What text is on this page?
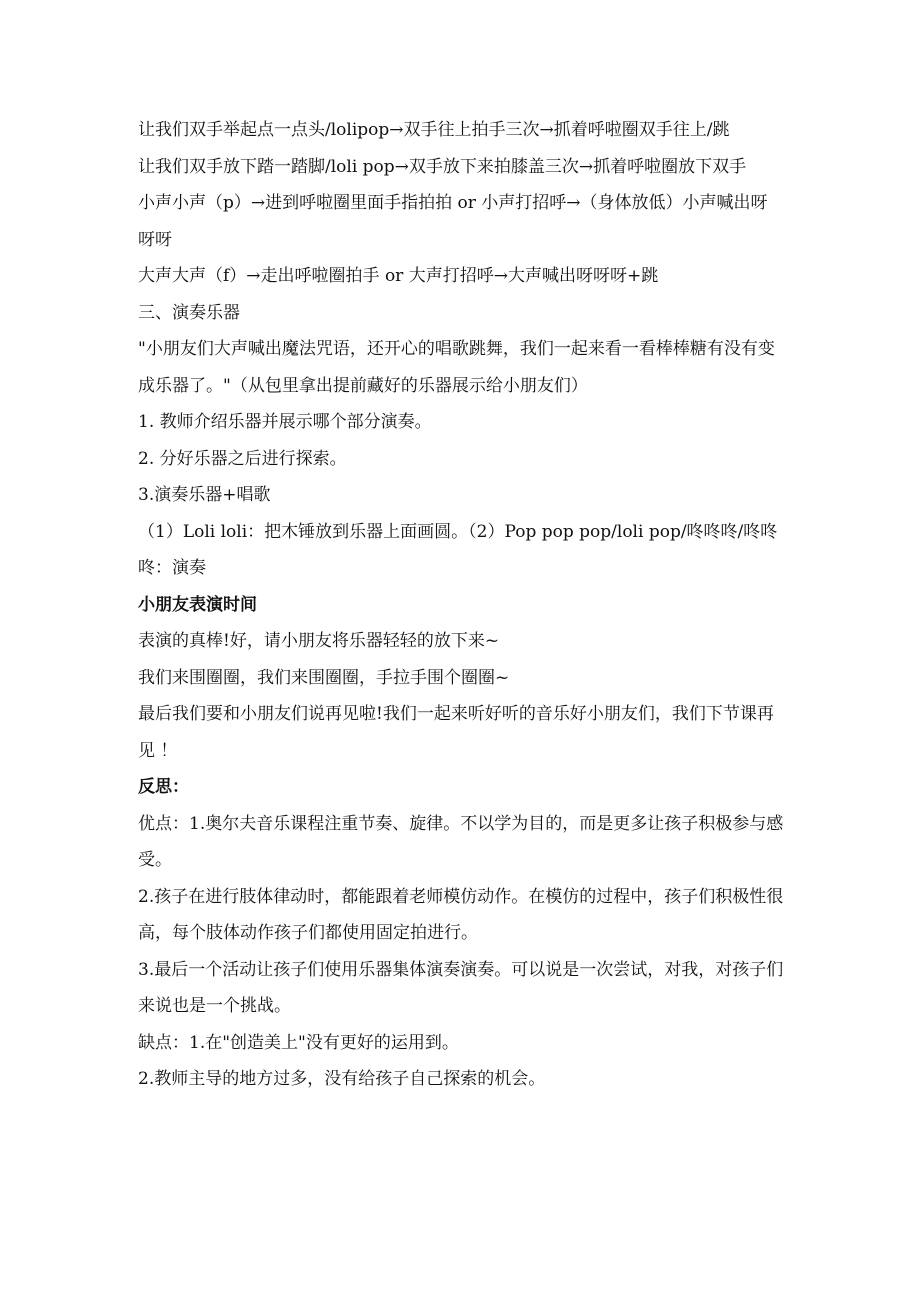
让我们双手举起点一点头/lolipop→双手往上拍手三次→抓着呼啦圈双手往上/跳

让我们双手放下踏一踏脚/loli pop→双手放下来拍膝盖三次→抓着呼啦圈放下双手

小声小声（p）→进到呼啦圈里面手指拍拍 or 小声打招呼→（身体放低）小声喊出呀呀呀

大声大声（f）→走出呼啦圈拍手 or 大声打招呼→大声喊出呀呀呀+跳

三、演奏乐器

"小朋友们大声喊出魔法咒语，还开心的唱歌跳舞，我们一起来看一看棒棒糖有没有变成乐器了。"（从包里拿出提前藏好的乐器展示给小朋友们）

1. 教师介绍乐器并展示哪个部分演奏。

2. 分好乐器之后进行探索。

3.演奏乐器+唱歌

（1）Loli loli：把木锤放到乐器上面画圆。（2）Pop pop pop/loli pop/咚咚咚/咚咚咚：演奏

小朋友表演时间

表演的真棒!好，请小朋友将乐器轻轻的放下来~

我们来围圈圈，我们来围圈圈，手拉手围个圈圈~

最后我们要和小朋友们说再见啦!我们一起来听好听的音乐好小朋友们，我们下节课再见 ！

反思：

优点：1.奥尔夫音乐课程注重节奏、旋律。不以学为目的，而是更多让孩子积极参与感受。

2.孩子在进行肢体律动时，都能跟着老师模仿动作。在模仿的过程中，孩子们积极性很高，每个肢体动作孩子们都使用固定拍进行。

3.最后一个活动让孩子们使用乐器集体演奏演奏。可以说是一次尝试，对我，对孩子们来说也是一个挑战。

缺点：1.在"创造美上"没有更好的运用到。

2.教师主导的地方过多，没有给孩子自己探索的机会。
